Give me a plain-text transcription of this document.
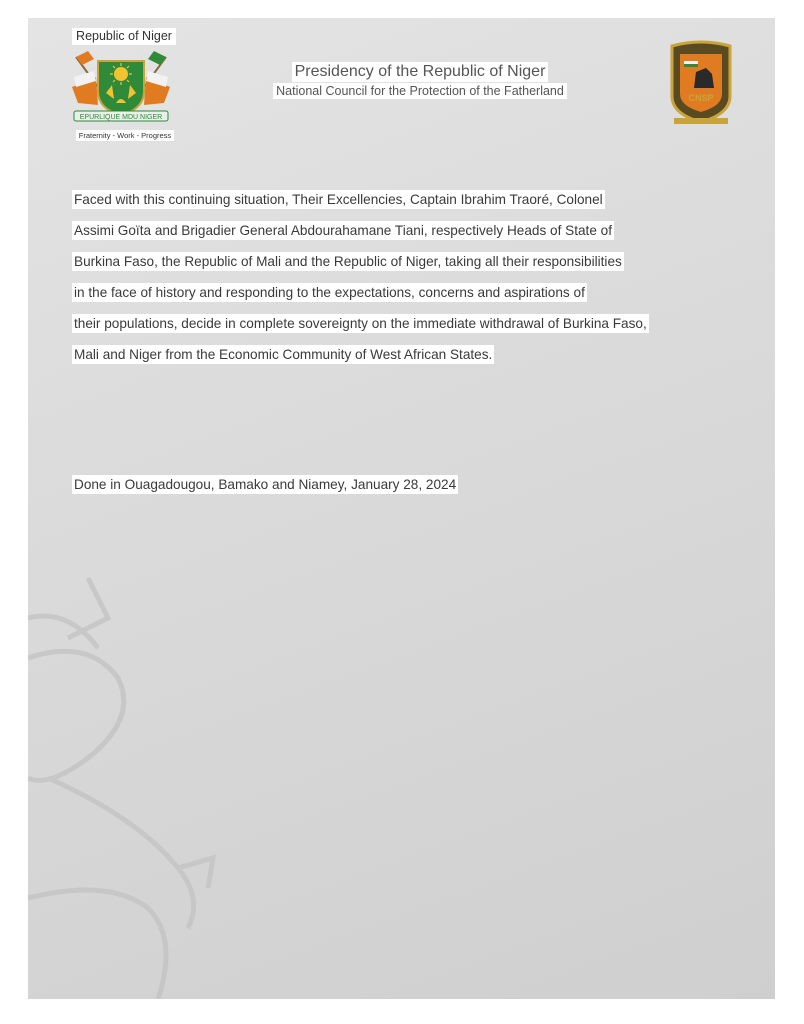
Republic of Niger
EPURLIQUE MDU NIGER
Fraternity - Work - Progress
Presidency of the Republic of Niger
National Council for the Protection of the Fatherland	CNSP
Faced with this continuing situation, Their Excellencies, Captain Ibrahim Traoré, Colonel
Assimi Goïta and Brigadier General Abdourahamane Tiani, respectively Heads of State of
Burkina Faso, the Republic of Mali and the Republic of Niger, taking all their responsibilities
in the face of history and responding to the expectations, concerns and aspirations of
their populations, decide in complete sovereignty on the immediate withdrawal of Burkina Faso,
Mali and Niger from the Economic Community of West African States.
Done in Ouagadougou, Bamako and Niamey, January 28, 2024
